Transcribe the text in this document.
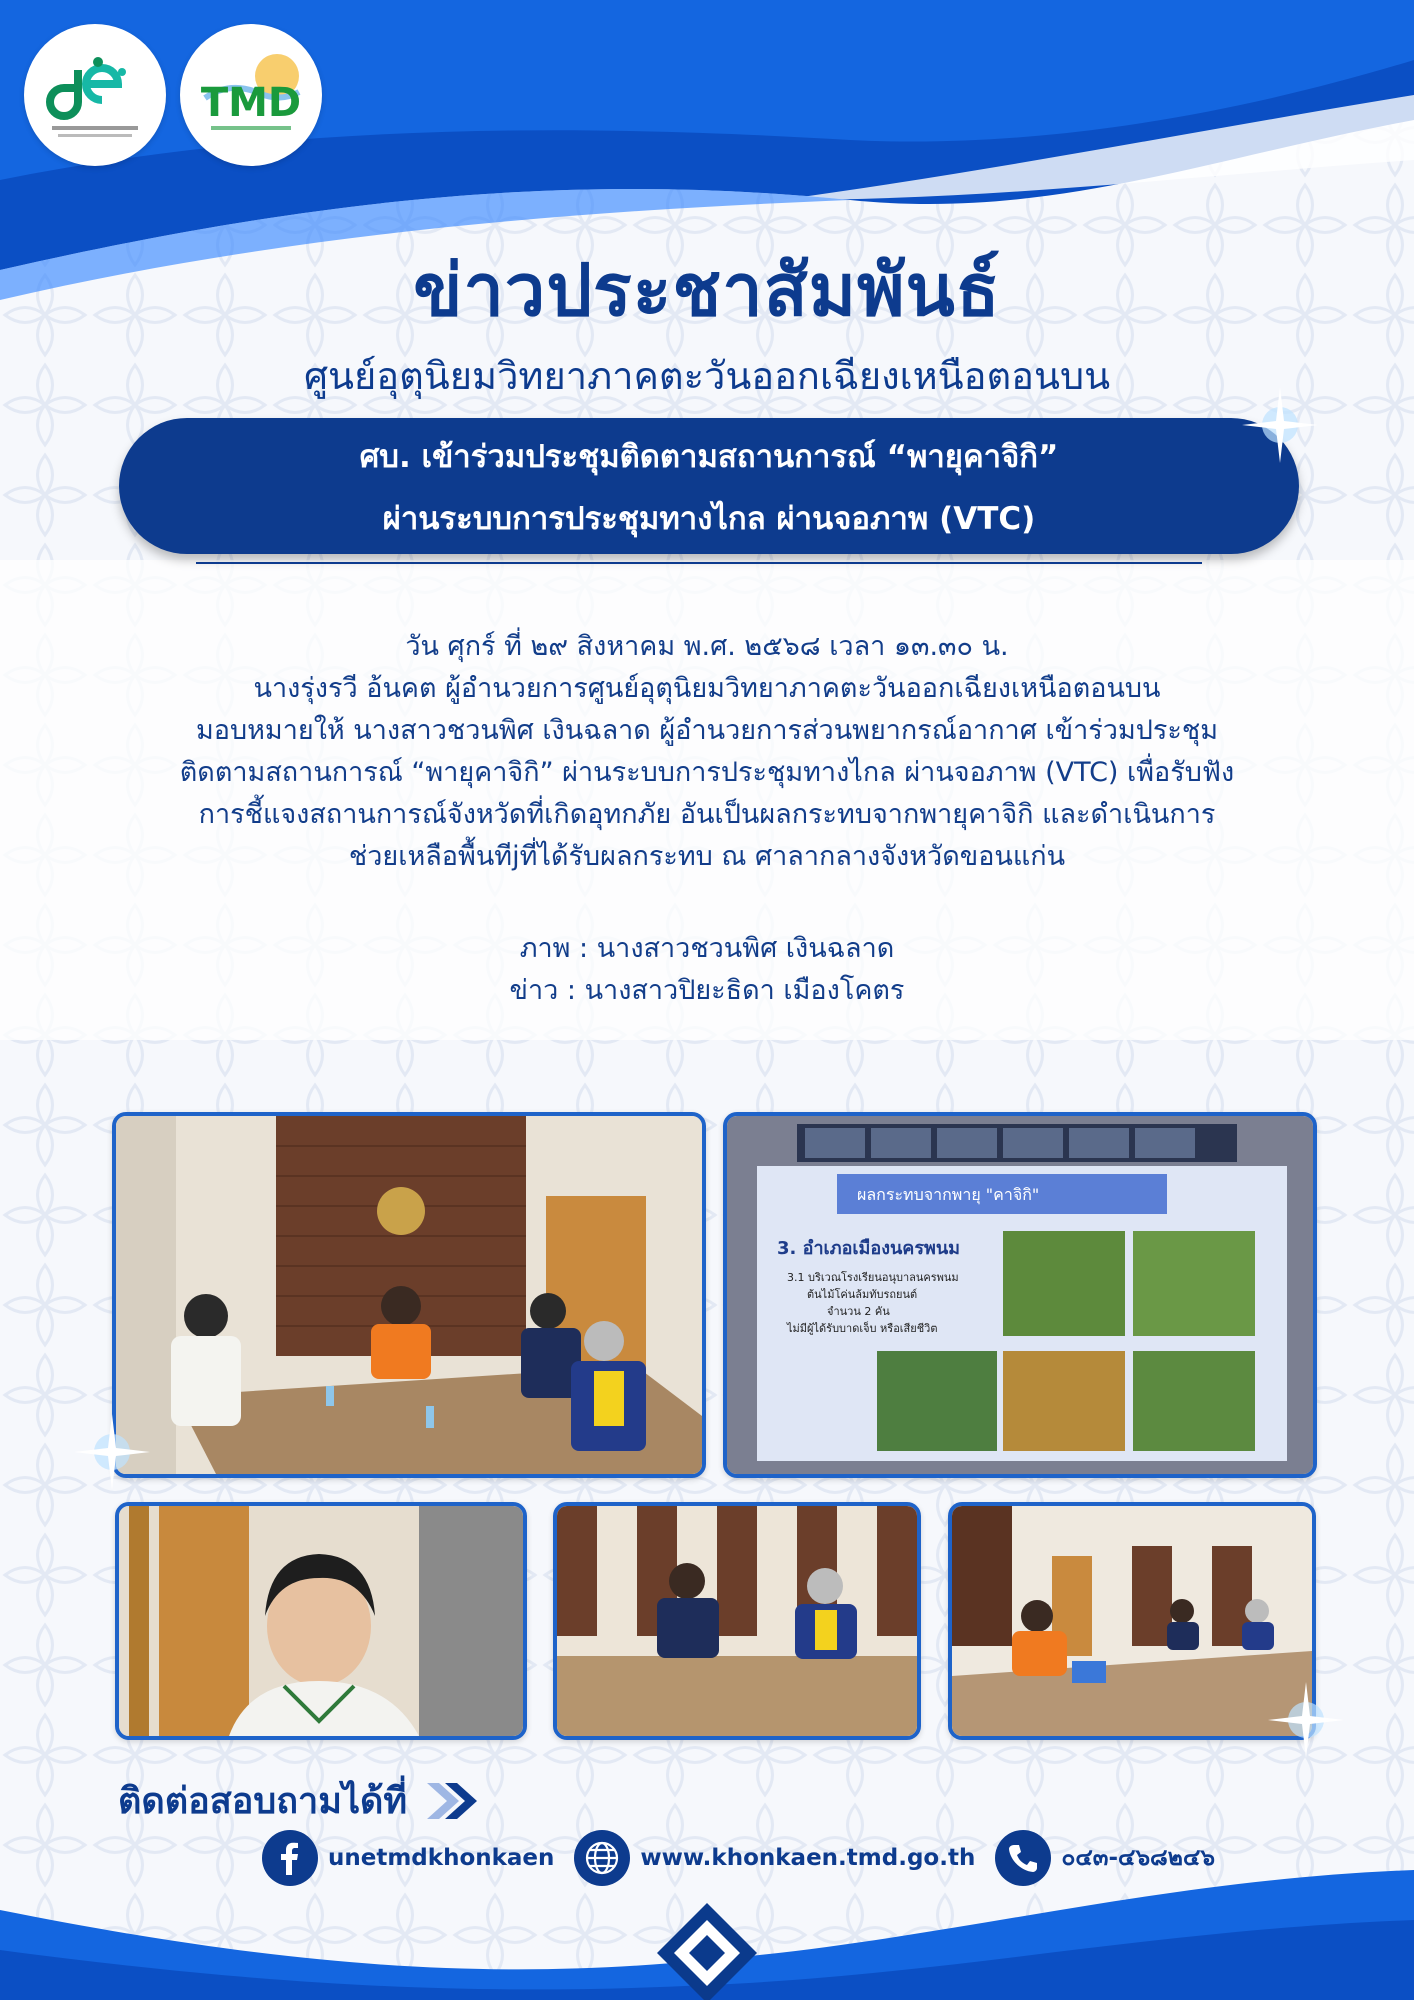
TMD
ข่าวประชาสัมพันธ์
ศูนย์อุตุนิยมวิทยาภาคตะวันออกเฉียงเหนือตอนบน
ศบ. เข้าร่วมประชุมติดตามสถานการณ์ “พายุคาจิกิ”
ผ่านระบบการประชุมทางไกล ผ่านจอภาพ (VTC)

วัน ศุกร์ ที่ ๒๙ สิงหาคม พ.ศ. ๒๕๖๘ เวลา ๑๓.๓๐ น.

นางรุ่งรวี อ้นคต ผู้อำนวยการศูนย์อุตุนิยมวิทยาภาคตะวันออกเฉียงเหนือตอนบน

มอบหมายให้ นางสาวชวนพิศ เงินฉลาด ผู้อำนวยการส่วนพยากรณ์อากาศ เข้าร่วมประชุม

ติดตามสถานการณ์ “พายุคาจิกิ” ผ่านระบบการประชุมทางไกล ผ่านจอภาพ (VTC) เพื่อรับฟัง

การชี้แจงสถานการณ์จังหวัดที่เกิดอุทกภัย อันเป็นผลกระทบจากพายุคาจิกิ และดำเนินการ

ช่วยเหลือพื้นทีjที่ได้รับผลกระทบ ณ ศาลากลางจังหวัดขอนแก่น

ภาพ : นางสาวชวนพิศ เงินฉลาด

ข่าว : นางสาวปิยะธิดา เมืองโคตร

ผลกระทบจากพายุ "คาจิกิ"
3. อำเภอเมืองนครพนม
3.1 บริเวณโรงเรียนอนุบาลนครพนม
ต้นไม้โค่นล้มทับรถยนต์
จำนวน 2 คัน
ไม่มีผู้ได้รับบาดเจ็บ หรือเสียชีวิต
ติดต่อสอบถามได้ที่
unetmdkhonkaen	www.khonkaen.tmd.go.th	๐๔๓-๔๖๘๒๔๖
